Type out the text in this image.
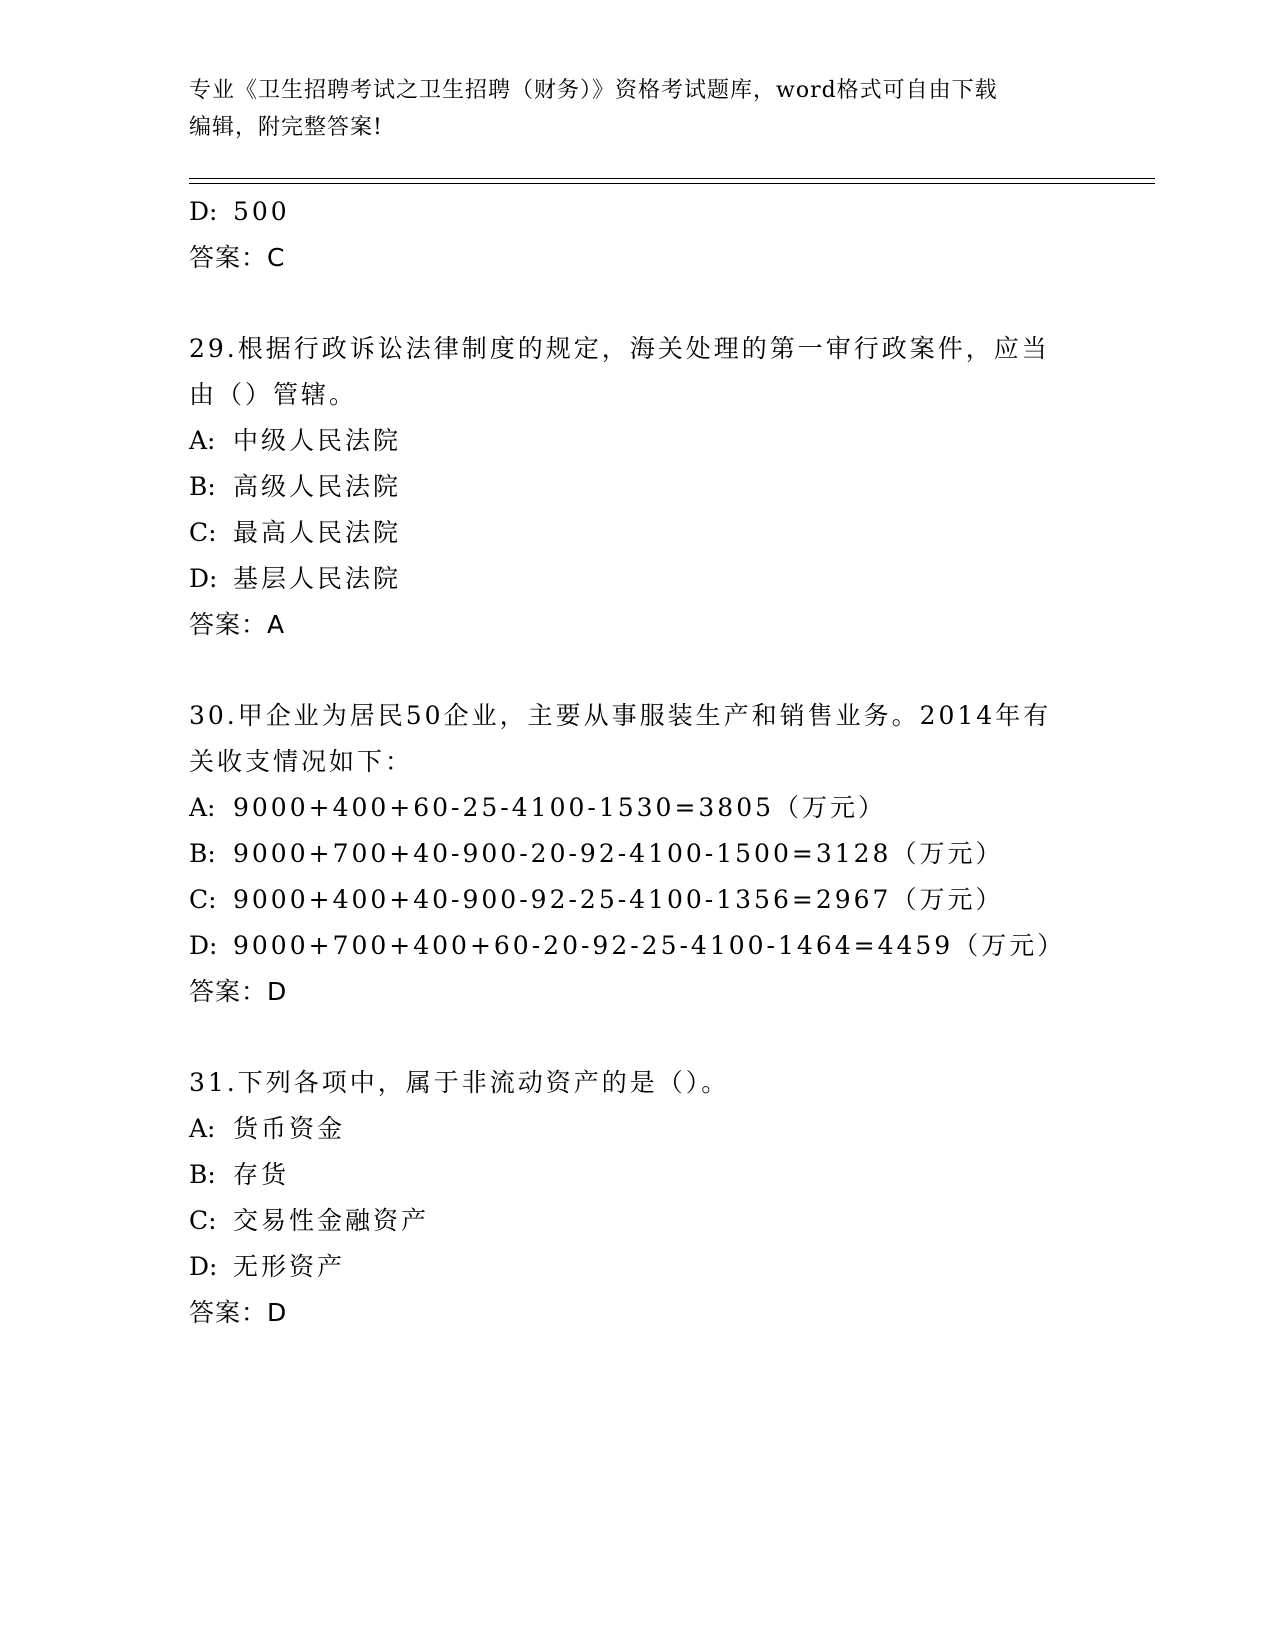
专业《卫生招聘考试之卫生招聘（财务）》资格考试题库，word格式可自由下载
编辑，附完整答案!
D: 500
答案：C
29.根据行政诉讼法律制度的规定，海关处理的第一审行政案件，应当
由（）管辖。
A: 中级人民法院
B: 高级人民法院
C: 最高人民法院
D: 基层人民法院
答案：A
30.甲企业为居民50企业，主要从事服装生产和销售业务。2014年有
关收支情况如下：
A: 9000+400+60-25-4100-1530=3805（万元）
B: 9000+700+40-900-20-92-4100-1500=3128（万元）
C: 9000+400+40-900-92-25-4100-1356=2967（万元）
D: 9000+700+400+60-20-92-25-4100-1464=4459（万元）
答案：D
31.下列各项中，属于非流动资产的是（）。
A: 货币资金
B: 存货
C: 交易性金融资产
D: 无形资产
答案：D
